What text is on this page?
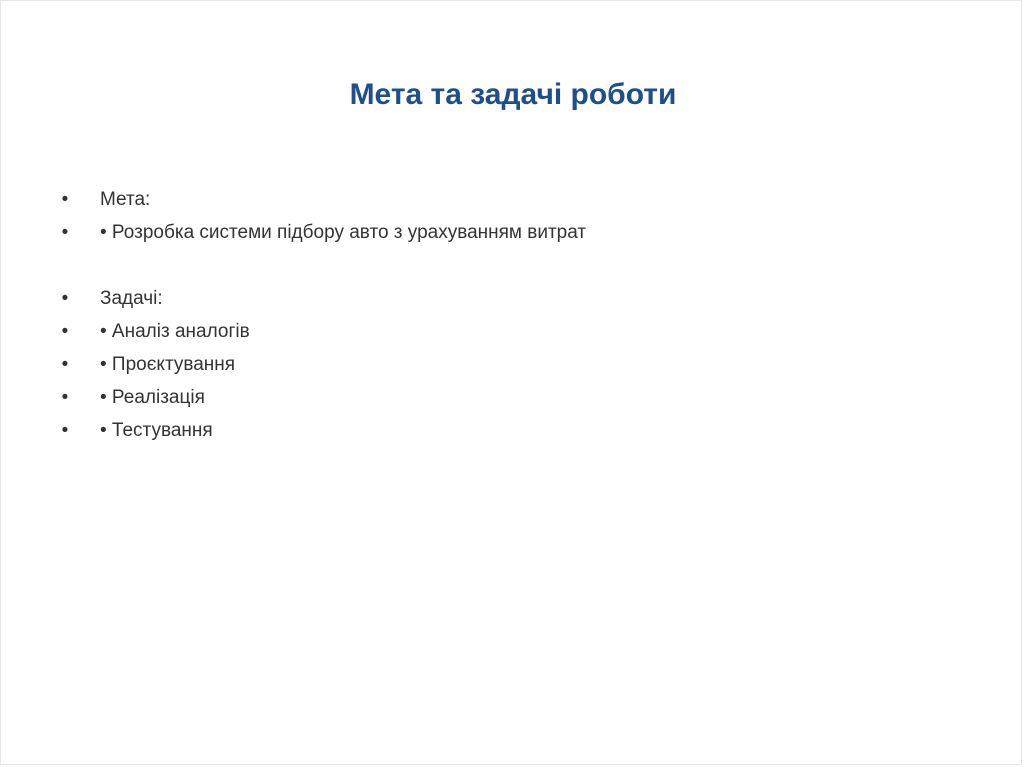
Мета та задачі роботи
• Мета:
• • Розробка системи підбору авто з урахуванням витрат
• Задачі:
• • Аналіз аналогів
• • Проєктування
• • Реалізація
• • Тестування
